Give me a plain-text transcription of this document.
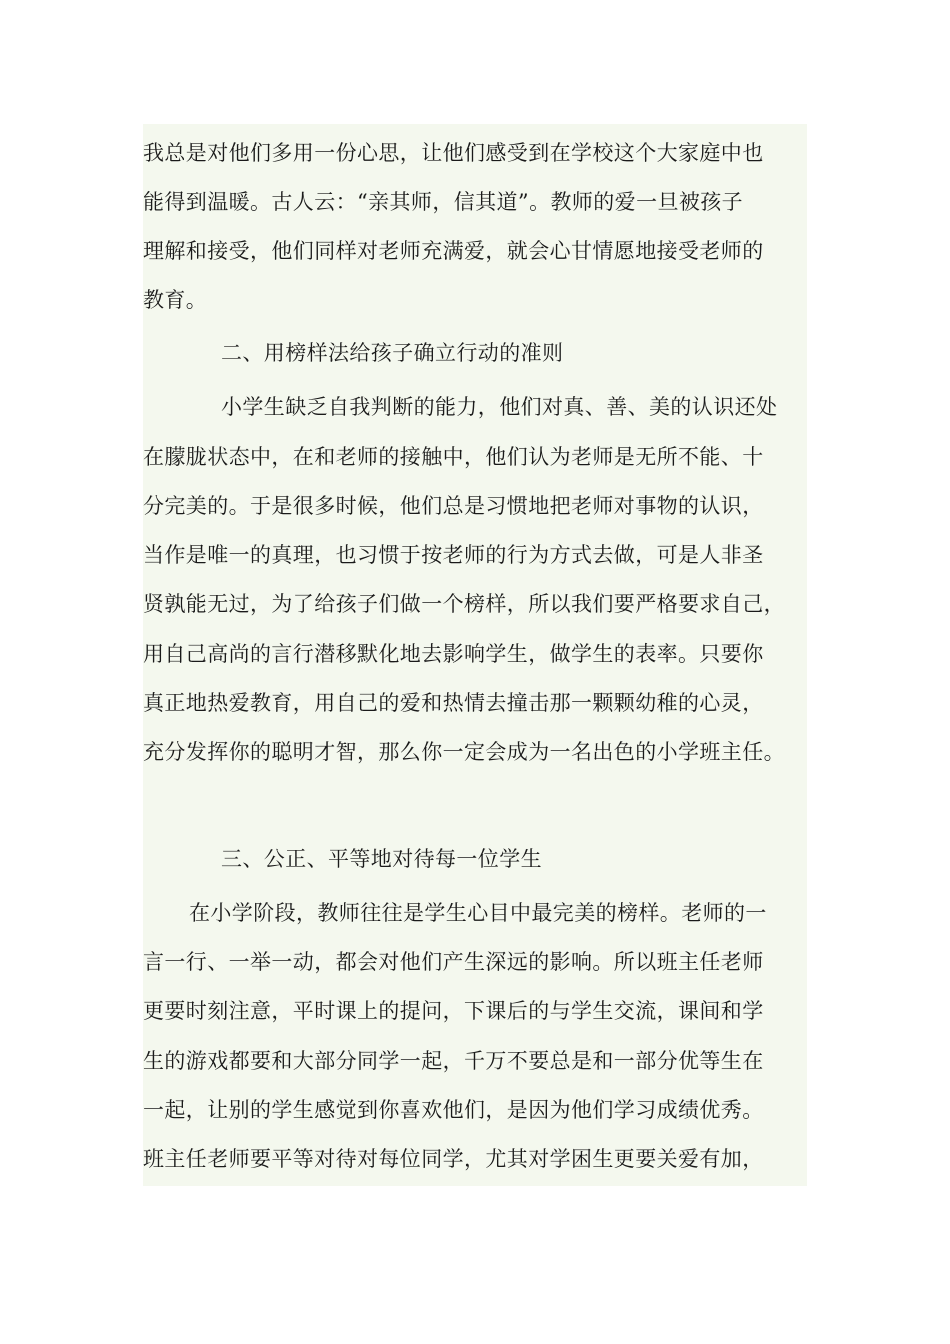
我总是对他们多用一份心思，让他们感受到在学校这个大家庭中也
能得到温暖。古人云：“亲其师，信其道”。教师的爱一旦被孩子
理解和接受，他们同样对老师充满爱，就会心甘情愿地接受老师的
教育。
二、用榜样法给孩子确立行动的准则
小学生缺乏自我判断的能力，他们对真、善、美的认识还处
在朦胧状态中，在和老师的接触中，他们认为老师是无所不能、十
分完美的。于是很多时候，他们总是习惯地把老师对事物的认识，
当作是唯一的真理，也习惯于按老师的行为方式去做，可是人非圣
贤孰能无过，为了给孩子们做一个榜样，所以我们要严格要求自己，
用自己高尚的言行潜移默化地去影响学生，做学生的表率。只要你
真正地热爱教育，用自己的爱和热情去撞击那一颗颗幼稚的心灵，
充分发挥你的聪明才智，那么你一定会成为一名出色的小学班主任。
三、公正、平等地对待每一位学生
在小学阶段，教师往往是学生心目中最完美的榜样。老师的一
言一行、一举一动，都会对他们产生深远的影响。所以班主任老师
更要时刻注意，平时课上的提问，下课后的与学生交流，课间和学
生的游戏都要和大部分同学一起，千万不要总是和一部分优等生在
一起，让别的学生感觉到你喜欢他们，是因为他们学习成绩优秀。
班主任老师要平等对待对每位同学，尤其对学困生更要关爱有加，
